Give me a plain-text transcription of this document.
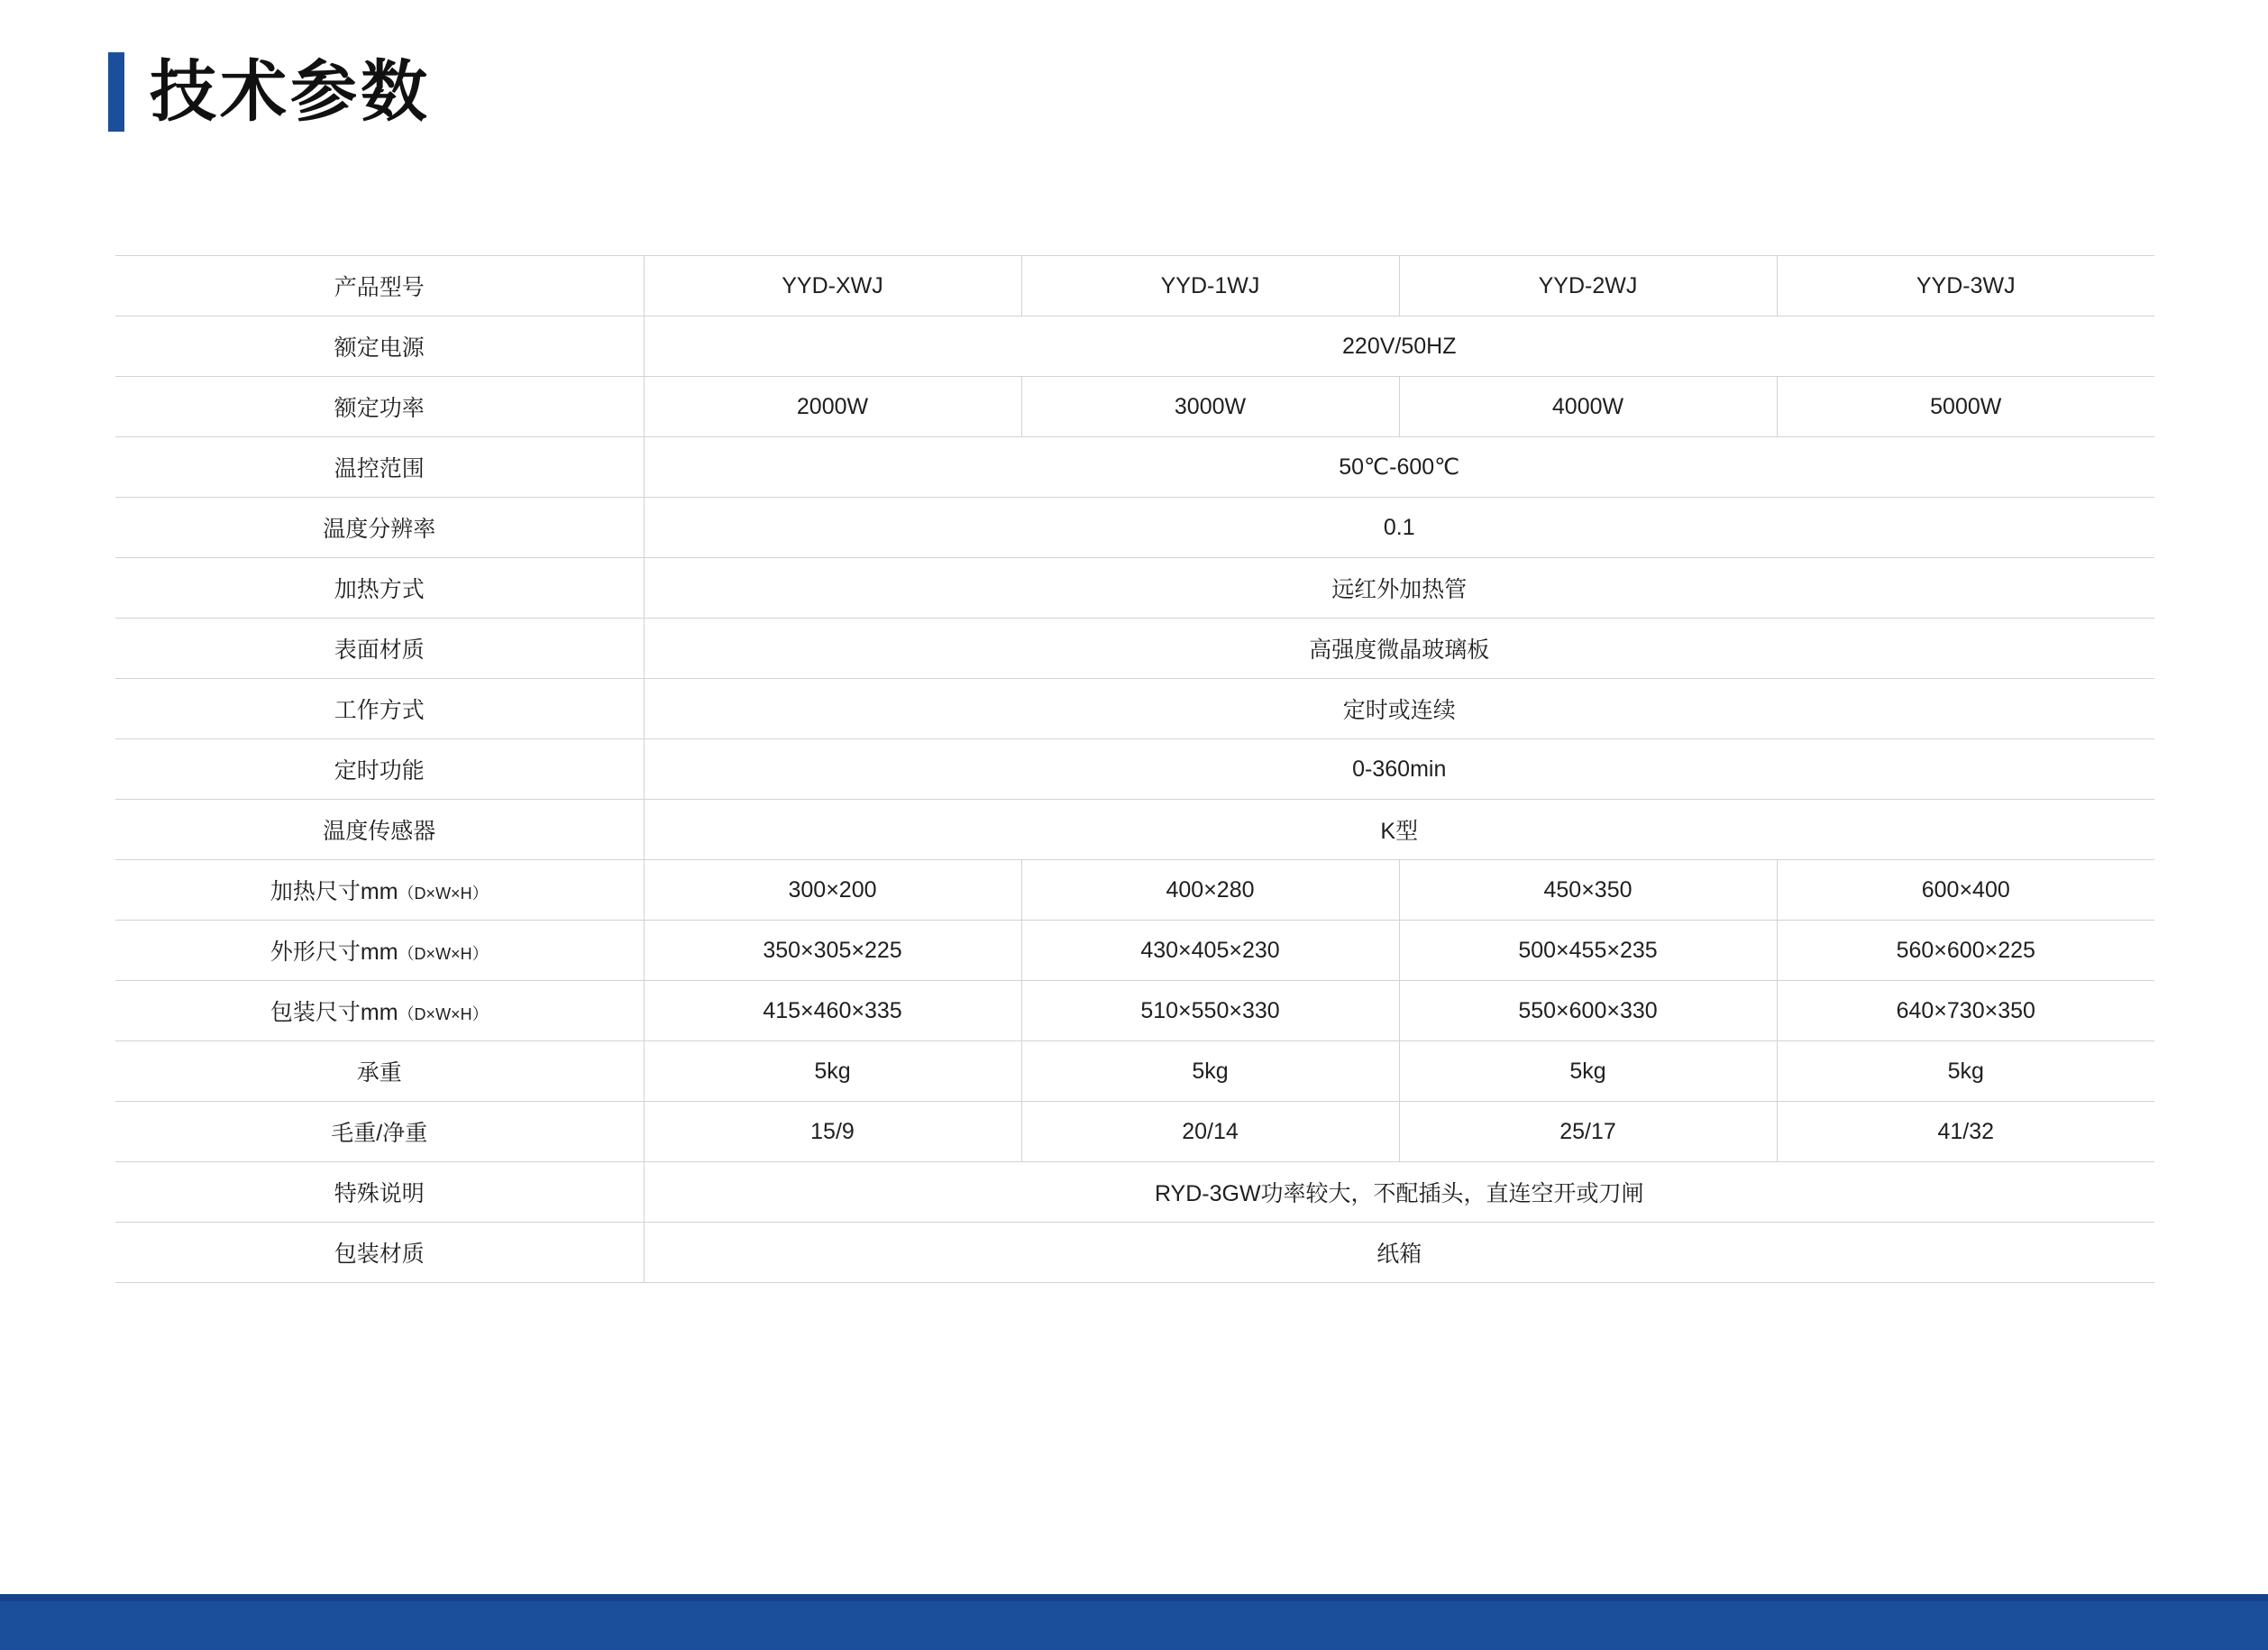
技术参数
产品型号	YYD-XWJ	YYD-1WJ	YYD-2WJ	YYD-3WJ
额定电源	220V/50HZ			
额定功率	2000W	3000W	4000W	5000W
温控范围	50℃-600℃			
温度分辨率	0.1			
加热方式	远红外加热管			
表面材质	高强度微晶玻璃板			
工作方式	定时或连续			
定时功能	0-360min			
温度传感器	K型			
加热尺寸mm（D×W×H）	300×200	400×280	450×350	600×400
外形尺寸mm（D×W×H）	350×305×225	430×405×230	500×455×235	560×600×225
包装尺寸mm（D×W×H）	415×460×335	510×550×330	550×600×330	640×730×350
承重	5kg	5kg	5kg	5kg
毛重/净重	15/9	20/14	25/17	41/32
特殊说明	RYD-3GW功率较大，不配插头，直连空开或刀闸			
包装材质	纸箱			
